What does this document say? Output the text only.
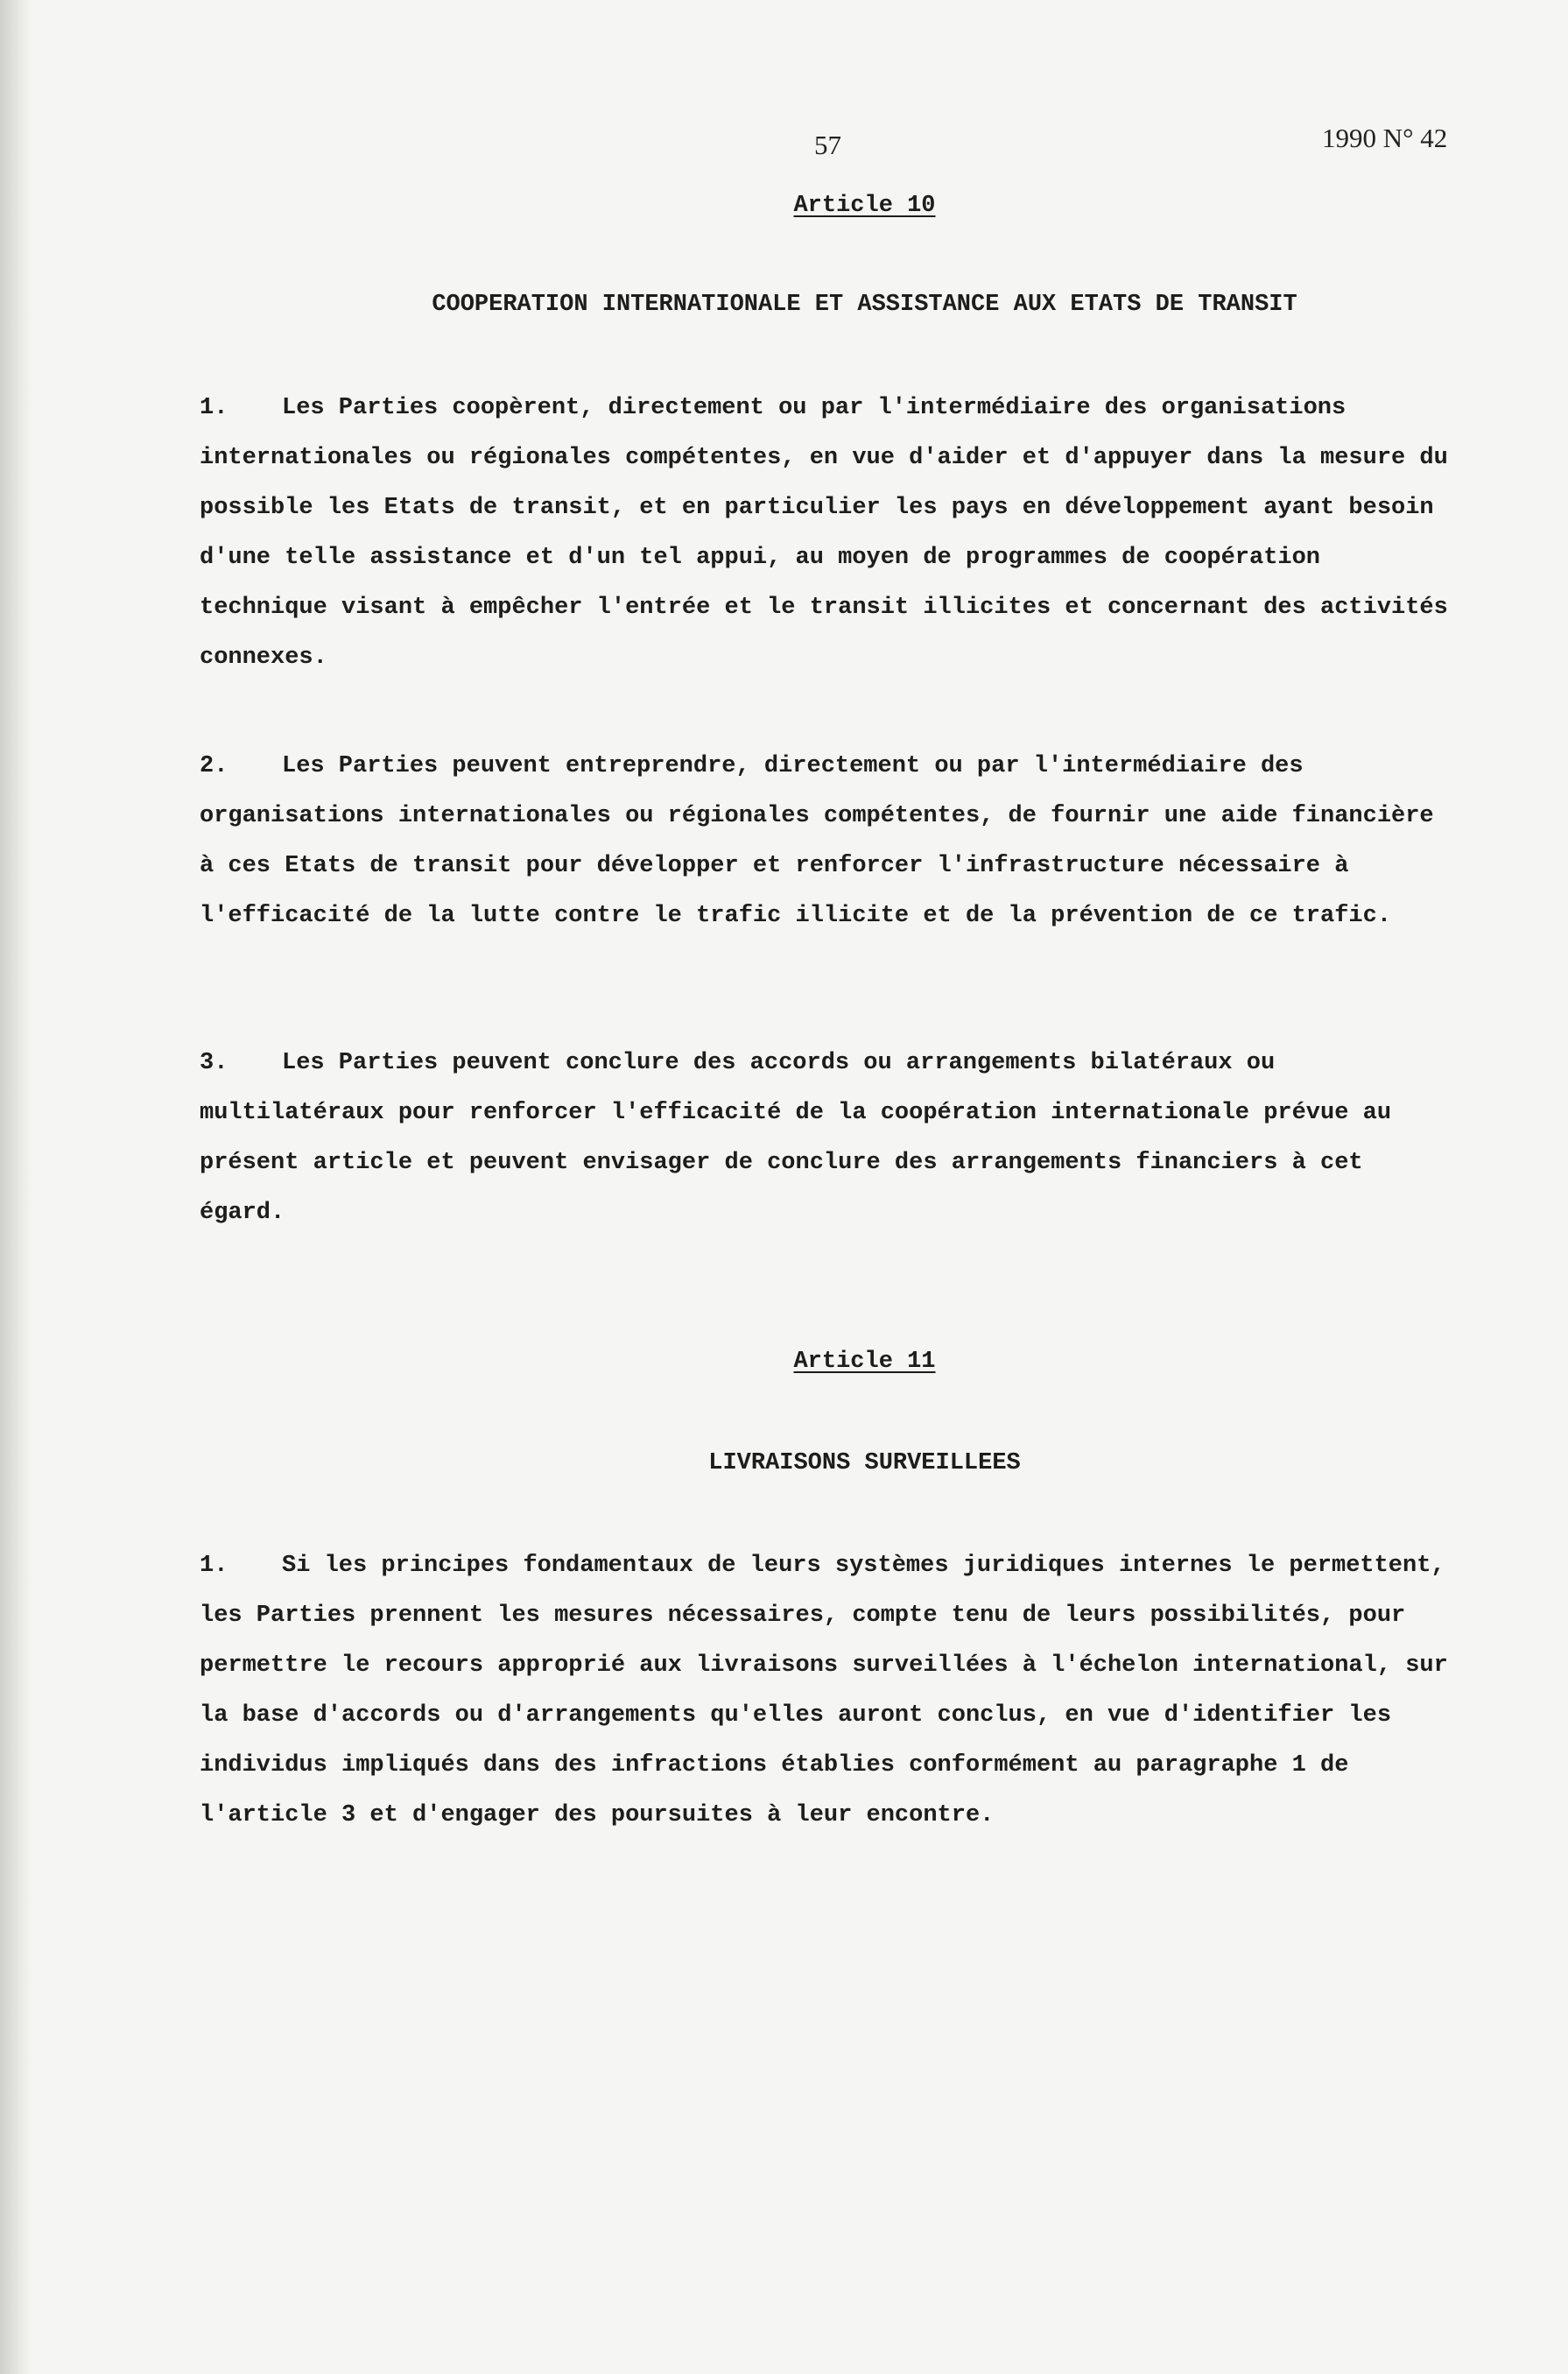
57	1990 N° 42
Article 10
COOPERATION INTERNATIONALE ET ASSISTANCE AUX ETATS DE TRANSIT

1. Les Parties coopèrent, directement ou par l'intermédiaire des organisations internationales ou régionales compétentes, en vue d'aider et d'appuyer dans la mesure du possible les Etats de transit, et en particulier les pays en développement ayant besoin d'une telle assistance et d'un tel appui, au moyen de programmes de coopération technique visant à empêcher l'entrée et le transit illicites et concernant des activités connexes.

2. Les Parties peuvent entreprendre, directement ou par l'intermédiaire des organisations internationales ou régionales compétentes, de fournir une aide financière à ces Etats de transit pour développer et renforcer l'infrastructure nécessaire à l'efficacité de la lutte contre le trafic illicite et de la prévention de ce trafic.

3. Les Parties peuvent conclure des accords ou arrangements bilatéraux ou multilatéraux pour renforcer l'efficacité de la coopération internationale prévue au présent article et peuvent envisager de conclure des arrangements financiers à cet égard.

Article 11
LIVRAISONS SURVEILLEES

1. Si les principes fondamentaux de leurs systèmes juridiques internes le permettent, les Parties prennent les mesures nécessaires, compte tenu de leurs possibilités, pour permettre le recours approprié aux livraisons surveillées à l'échelon international, sur la base d'accords ou d'arrangements qu'elles auront conclus, en vue d'identifier les individus impliqués dans des infractions établies conformément au paragraphe 1 de l'article 3 et d'engager des poursuites à leur encontre.
